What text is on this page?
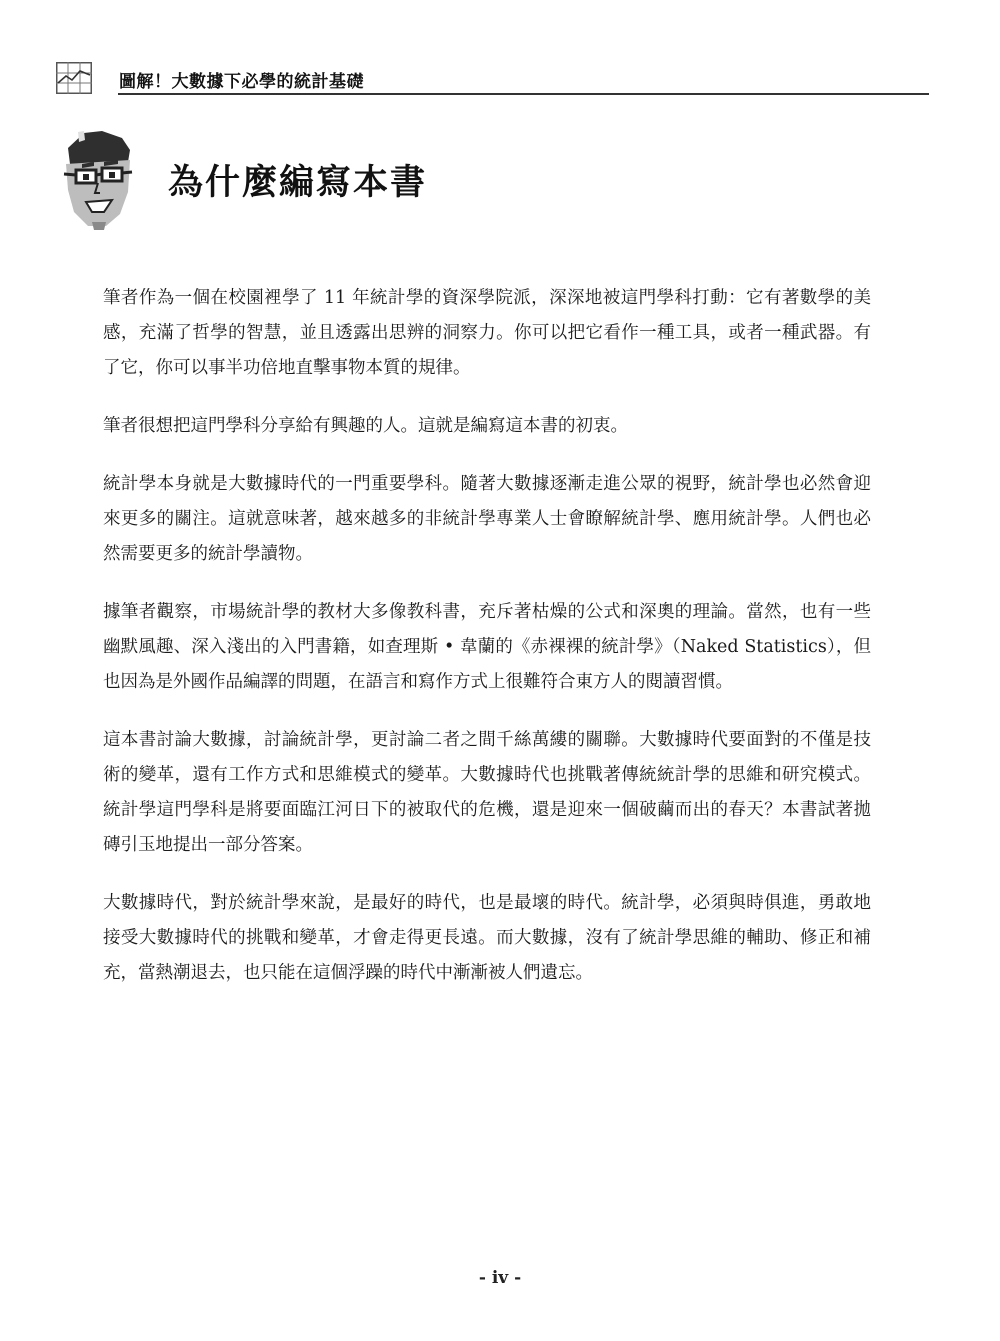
圖解！大數據下必學的統計基礎
為什麼編寫本書

筆者作為一個在校園裡學了 11 年統計學的資深學院派，深深地被這門學科打動：它有著數學的美感，充滿了哲學的智慧，並且透露出思辨的洞察力。你可以把它看作一種工具，或者一種武器。有了它，你可以事半功倍地直擊事物本質的規律。

筆者很想把這門學科分享給有興趣的人。這就是編寫這本書的初衷。

統計學本身就是大數據時代的一門重要學科。隨著大數據逐漸走進公眾的視野，統計學也必然會迎來更多的關注。這就意味著，越來越多的非統計學專業人士會瞭解統計學、應用統計學。人們也必然需要更多的統計學讀物。

據筆者觀察，市場統計學的教材大多像教科書，充斥著枯燥的公式和深奧的理論。當然，也有一些幽默風趣、深入淺出的入門書籍，如查理斯 • 韋蘭的《赤裸裸的統計學》（Naked Statistics），但也因為是外國作品編譯的問題，在語言和寫作方式上很難符合東方人的閱讀習慣。

這本書討論大數據，討論統計學，更討論二者之間千絲萬縷的關聯。大數據時代要面對的不僅是技術的變革，還有工作方式和思維模式的變革。大數據時代也挑戰著傳統統計學的思維和研究模式。統計學這門學科是將要面臨江河日下的被取代的危機，還是迎來一個破繭而出的春天？本書試著拋磚引玉地提出一部分答案。

大數據時代，對於統計學來說，是最好的時代，也是最壞的時代。統計學，必須與時俱進，勇敢地接受大數據時代的挑戰和變革，才會走得更長遠。而大數據，沒有了統計學思維的輔助、修正和補充，當熱潮退去，也只能在這個浮躁的時代中漸漸被人們遺忘。

- iv -
